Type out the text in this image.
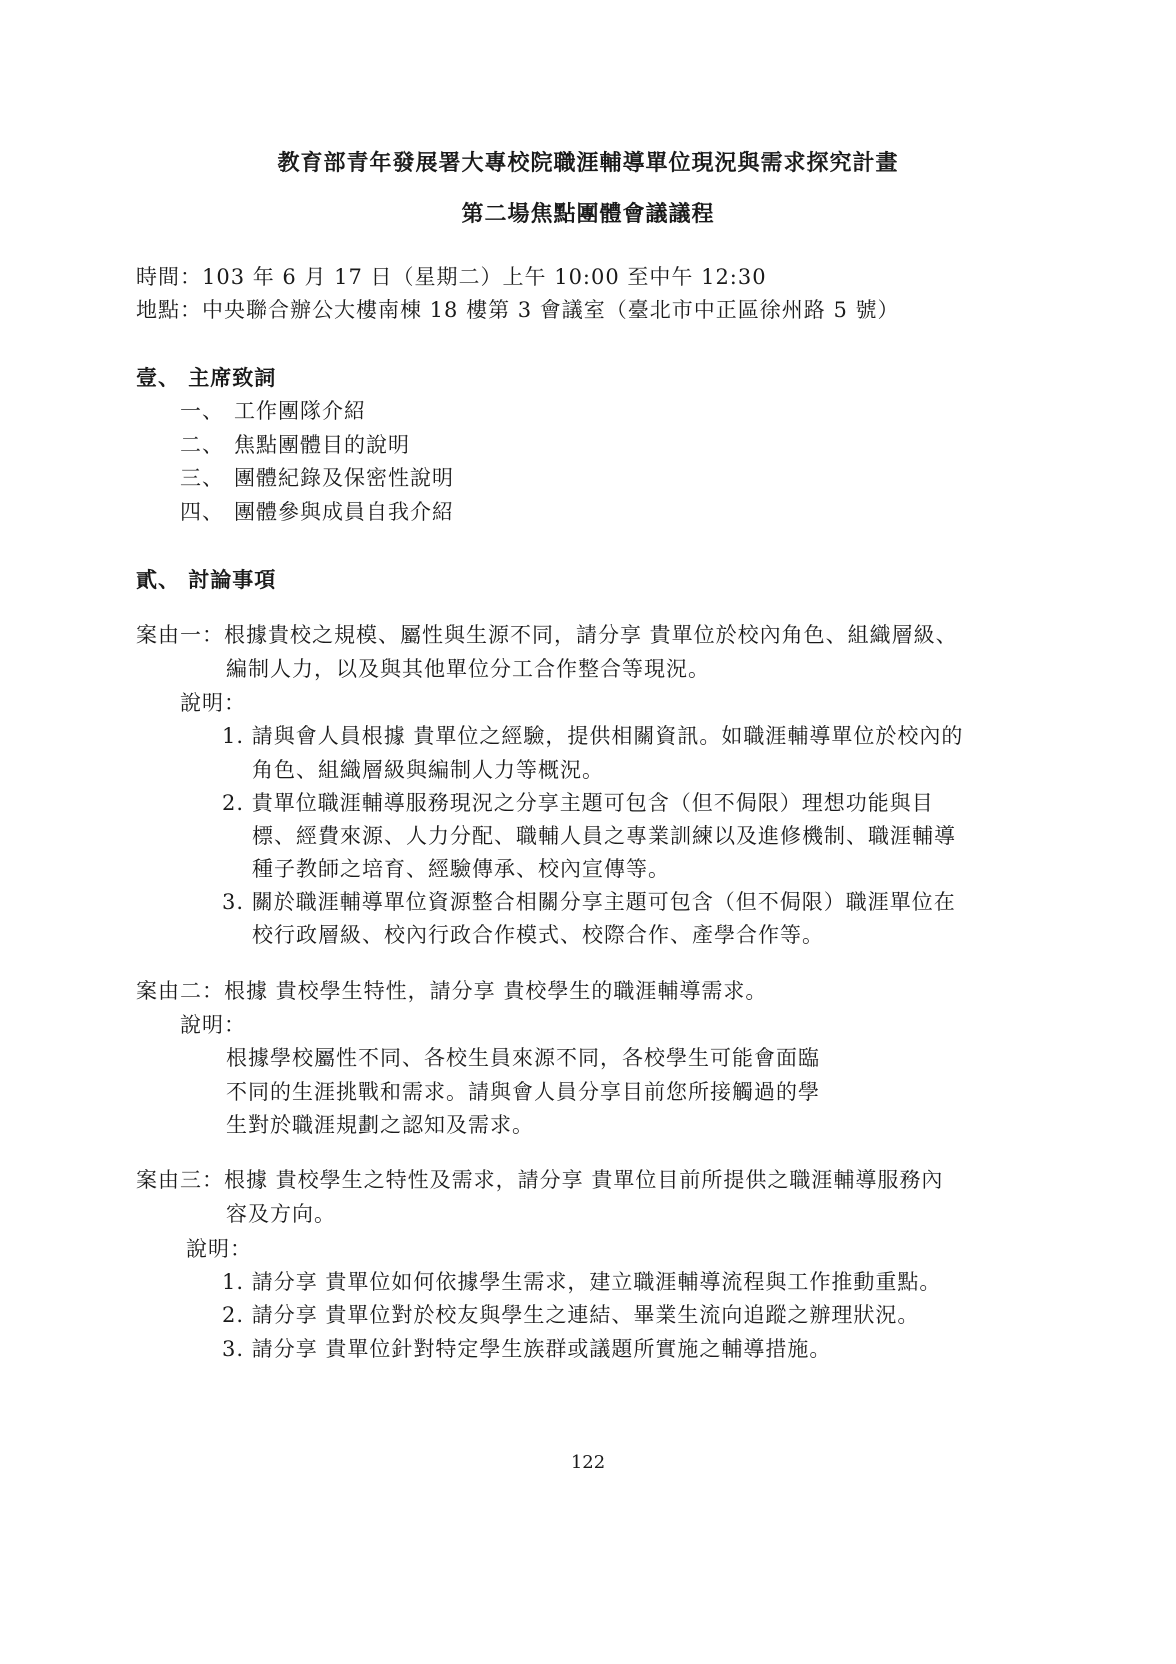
教育部青年發展署大專校院職涯輔導單位現況與需求探究計畫
第二場焦點團體會議議程
時間：103 年 6 月 17 日（星期二）上午 10:00 至中午 12:30
地點：中央聯合辦公大樓南棟 18 樓第 3 會議室（臺北市中正區徐州路 5 號）
壹、 主席致詞
一、 工作團隊介紹
二、 焦點團體目的說明
三、 團體紀錄及保密性說明
四、 團體參與成員自我介紹
貳、 討論事項
案由一：根據貴校之規模、屬性與生源不同，請分享 貴單位於校內角色、組織層級、
編制人力，以及與其他單位分工合作整合等現況。
說明：
1. 請與會人員根據 貴單位之經驗，提供相關資訊。如職涯輔導單位於校內的
角色、組織層級與編制人力等概況。
2. 貴單位職涯輔導服務現況之分享主題可包含（但不侷限）理想功能與目
標、經費來源、人力分配、職輔人員之專業訓練以及進修機制、職涯輔導
種子教師之培育、經驗傳承、校內宣傳等。
3. 關於職涯輔導單位資源整合相關分享主題可包含（但不侷限）職涯單位在
校行政層級、校內行政合作模式、校際合作、產學合作等。
案由二：根據 貴校學生特性，請分享 貴校學生的職涯輔導需求。
說明：
根據學校屬性不同、各校生員來源不同，各校學生可能會面臨
不同的生涯挑戰和需求。請與會人員分享目前您所接觸過的學
生對於職涯規劃之認知及需求。
案由三：根據 貴校學生之特性及需求，請分享 貴單位目前所提供之職涯輔導服務內
容及方向。
說明：
1. 請分享 貴單位如何依據學生需求，建立職涯輔導流程與工作推動重點。
2. 請分享 貴單位對於校友與學生之連結、畢業生流向追蹤之辦理狀況。
3. 請分享 貴單位針對特定學生族群或議題所實施之輔導措施。
122
